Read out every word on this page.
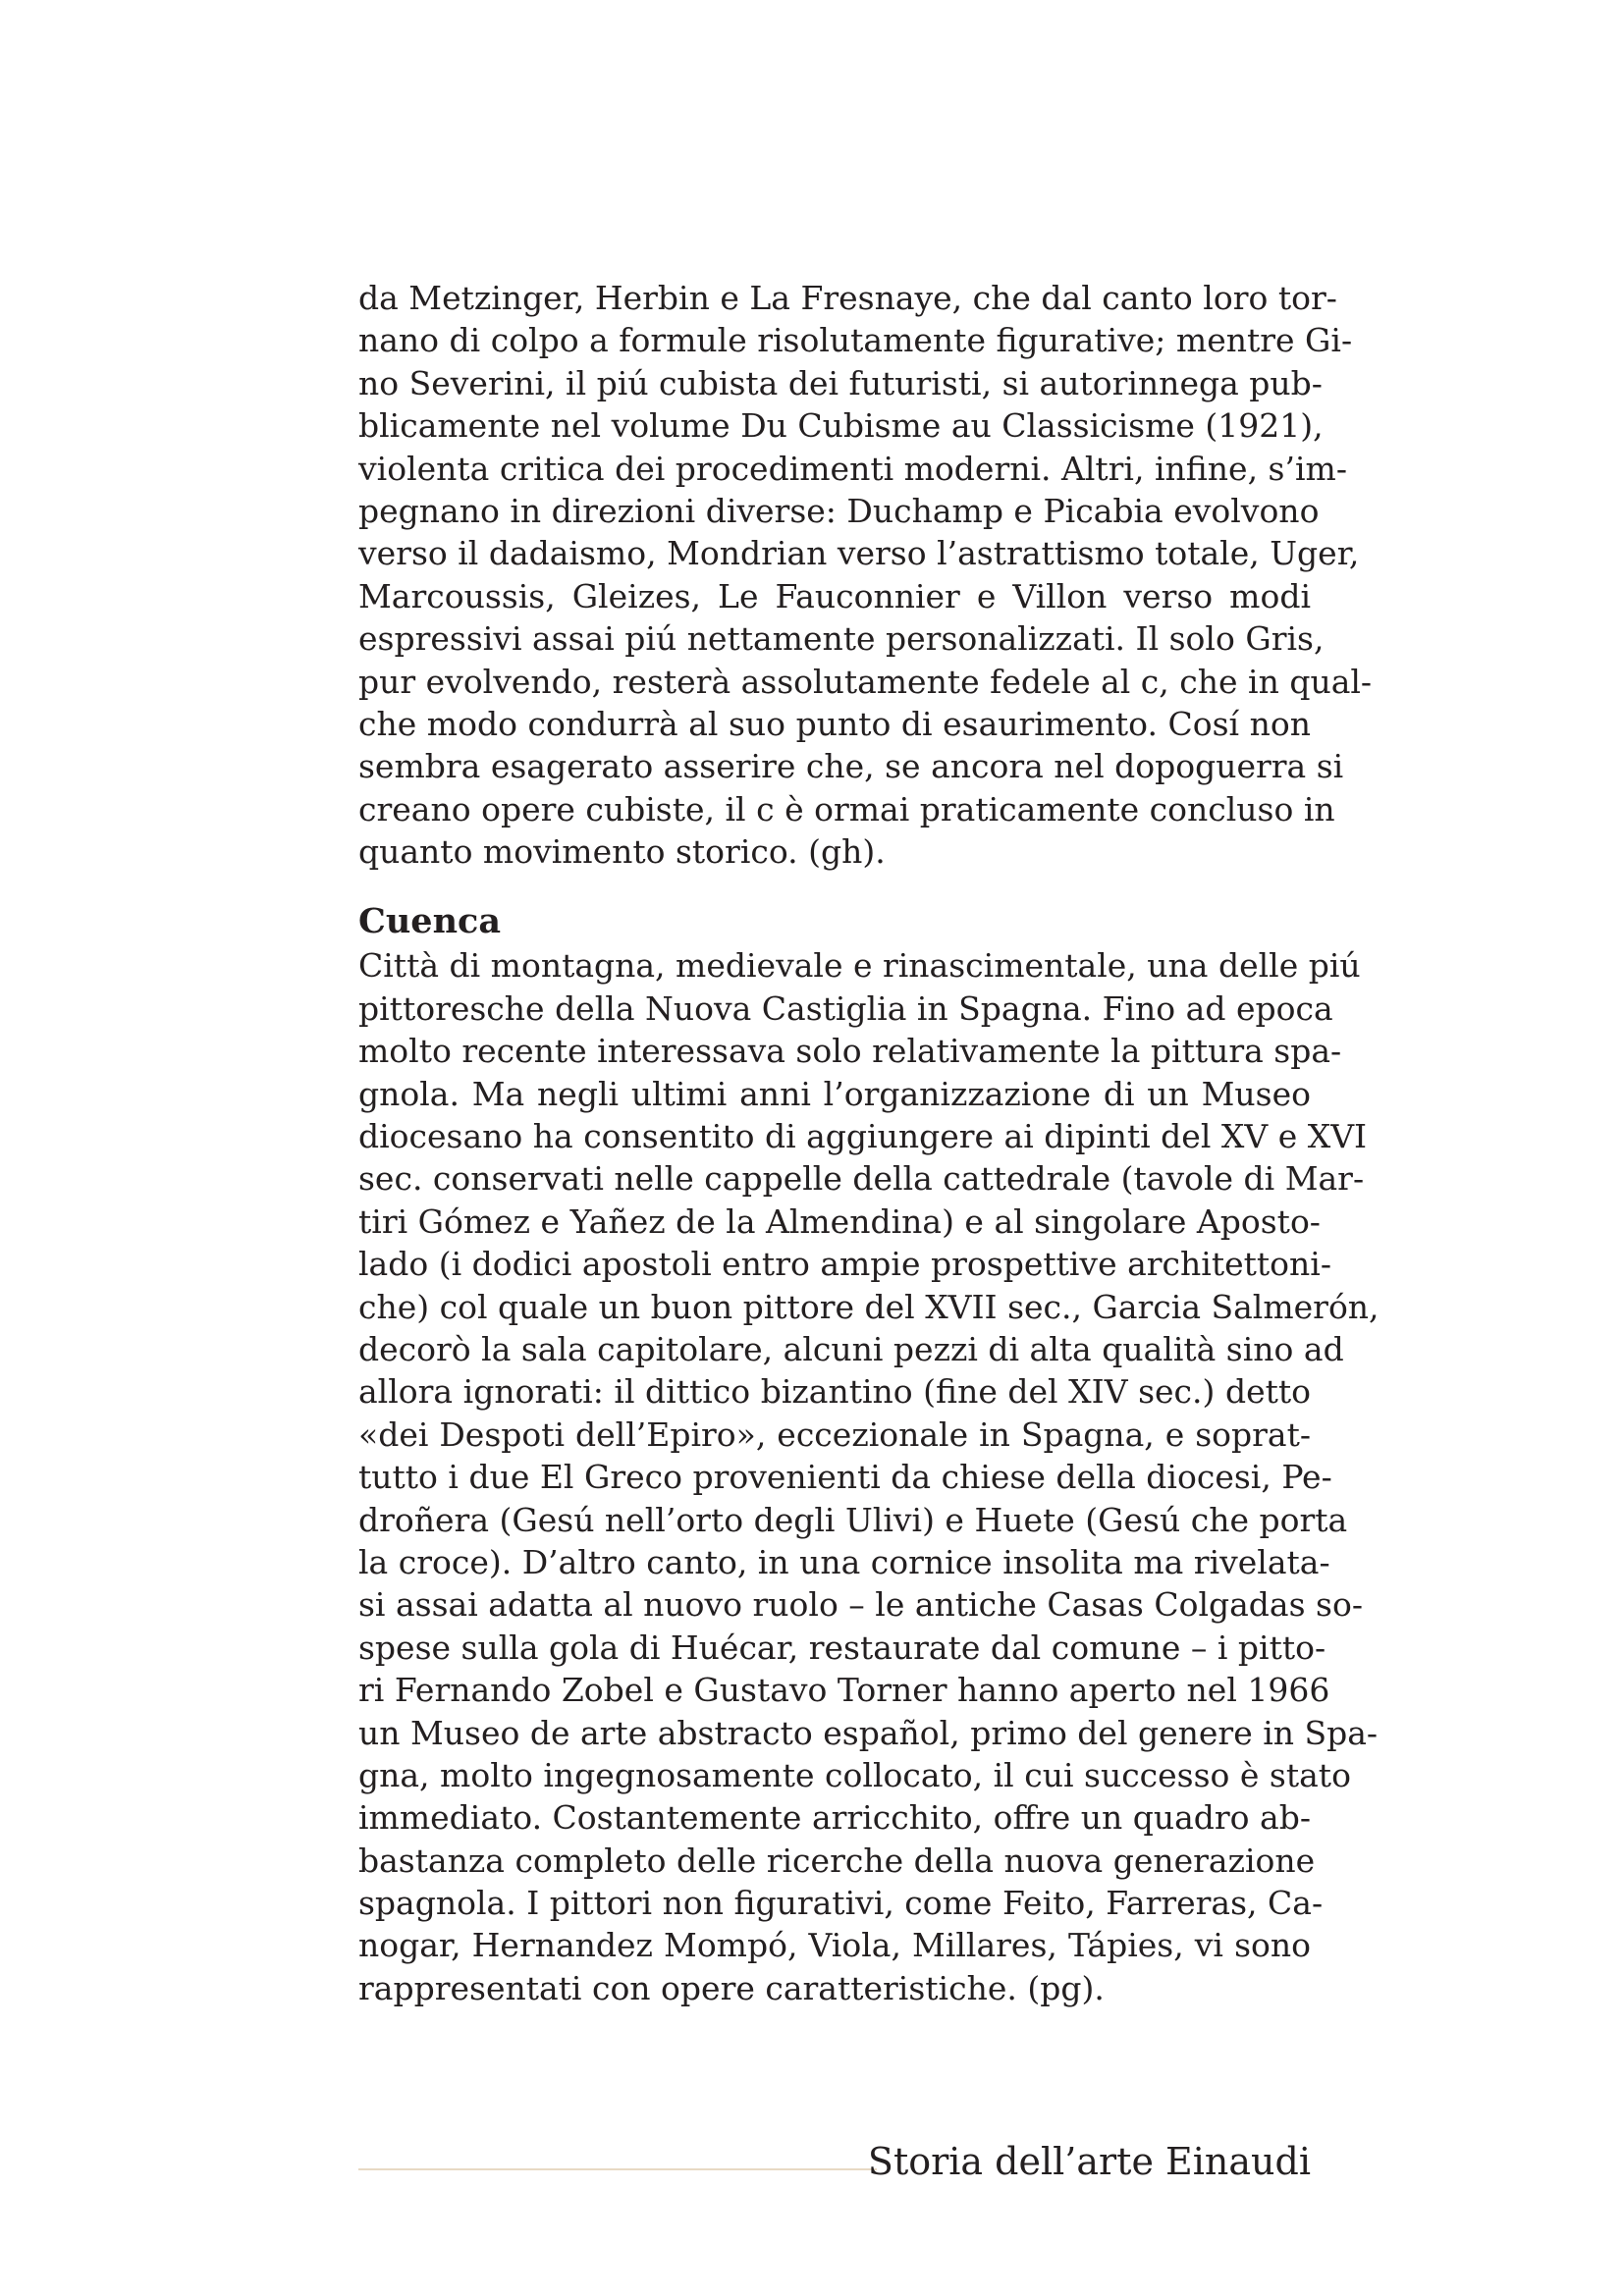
da Metzinger, Herbin e La Fresnaye, che dal canto loro tor-
nano di colpo a formule risolutamente figurative; mentre Gi-
no Severini, il piú cubista dei futuristi, si autorinnega pub-
blicamente nel volume Du Cubisme au Classicisme (1921),
violenta critica dei procedimenti moderni. Altri, infine, s’im-
pegnano in direzioni diverse: Duchamp e Picabia evolvono
verso il dadaismo, Mondrian verso l’astrattismo totale, Uger,
Marcoussis, Gleizes, Le Fauconnier e Villon verso modi
espressivi assai piú nettamente personalizzati. Il solo Gris,
pur evolvendo, resterà assolutamente fedele al c, che in qual-
che modo condurrà al suo punto di esaurimento. Cosí non
sembra esagerato asserire che, se ancora nel dopoguerra si
creano opere cubiste, il c è ormai praticamente concluso in
quanto movimento storico. (gh).
Cuenca
Città di montagna, medievale e rinascimentale, una delle piú
pittoresche della Nuova Castiglia in Spagna. Fino ad epoca
molto recente interessava solo relativamente la pittura spa-
gnola. Ma negli ultimi anni l’organizzazione di un Museo
diocesano ha consentito di aggiungere ai dipinti del XV e XVI
sec. conservati nelle cappelle della cattedrale (tavole di Mar-
tiri Gómez e Yañez de la Almendina) e al singolare Aposto-
lado (i dodici apostoli entro ampie prospettive architettoni-
che) col quale un buon pittore del XVII sec., Garcia Salmerón,
decorò la sala capitolare, alcuni pezzi di alta qualità sino ad
allora ignorati: il dittico bizantino (fine del XIV sec.) detto
«dei Despoti dell’Epiro», eccezionale in Spagna, e soprat-
tutto i due El Greco provenienti da chiese della diocesi, Pe-
droñera (Gesú nell’orto degli Ulivi) e Huete (Gesú che porta
la croce). D’altro canto, in una cornice insolita ma rivelata-
si assai adatta al nuovo ruolo – le antiche Casas Colgadas so-
spese sulla gola di Huécar, restaurate dal comune – i pitto-
ri Fernando Zobel e Gustavo Torner hanno aperto nel 1966
un Museo de arte abstracto español, primo del genere in Spa-
gna, molto ingegnosamente collocato, il cui successo è stato
immediato. Costantemente arricchito, offre un quadro ab-
bastanza completo delle ricerche della nuova generazione
spagnola. I pittori non figurativi, come Feito, Farreras, Ca-
nogar, Hernandez Mompó, Viola, Millares, Tápies, vi sono
rappresentati con opere caratteristiche. (pg).
Storia dell’arte Einaudi
